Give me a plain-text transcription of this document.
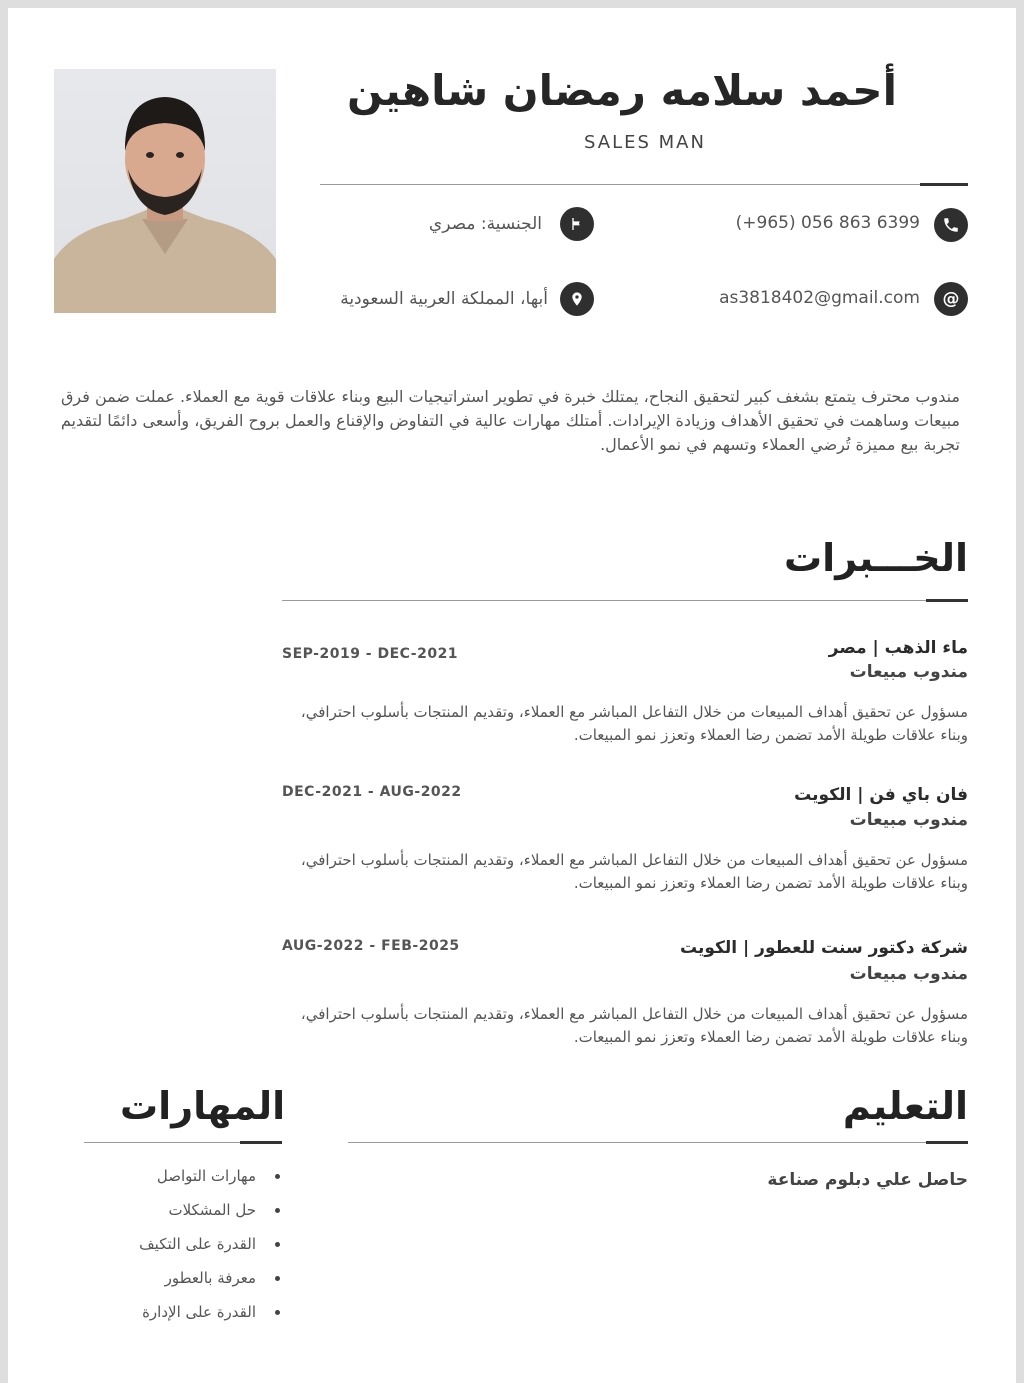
أحمد سلامه رمضان شاهين
SALES MAN
(+965) 056 863 6399
الجنسية: مصري
@
as3818402@gmail.com
أبها، المملكة العربية السعودية
مندوب محترف يتمتع بشغف كبير لتحقيق النجاح، يمتلك خبرة في تطوير استراتيجيات البيع وبناء علاقات قوية مع العملاء. عملت ضمن فرق مبيعات وساهمت في تحقيق الأهداف وزيادة الإيرادات. أمتلك مهارات عالية في التفاوض والإقناع والعمل بروح الفريق، وأسعى دائمًا لتقديم تجربة بيع مميزة تُرضي العملاء وتسهم في نمو الأعمال.
الخـــبرات
ماء الذهب | مصر
مندوب مبيعات
SEP-2019 - DEC-2021
مسؤول عن تحقيق أهداف المبيعات من خلال التفاعل المباشر مع العملاء، وتقديم المنتجات بأسلوب احترافي، وبناء علاقات طويلة الأمد تضمن رضا العملاء وتعزز نمو المبيعات.
فان باي فن | الكويت
مندوب مبيعات
DEC-2021 - AUG-2022
مسؤول عن تحقيق أهداف المبيعات من خلال التفاعل المباشر مع العملاء، وتقديم المنتجات بأسلوب احترافي، وبناء علاقات طويلة الأمد تضمن رضا العملاء وتعزز نمو المبيعات.
شركة دكتور سنت للعطور | الكويت
مندوب مبيعات
AUG-2022 - FEB-2025
مسؤول عن تحقيق أهداف المبيعات من خلال التفاعل المباشر مع العملاء، وتقديم المنتجات بأسلوب احترافي، وبناء علاقات طويلة الأمد تضمن رضا العملاء وتعزز نمو المبيعات.
التعليم
حاصل علي دبلوم صناعة
المهارات
مهارات التواصل
حل المشكلات
القدرة على التكيف
معرفة بالعطور
القدرة على الإدارة
